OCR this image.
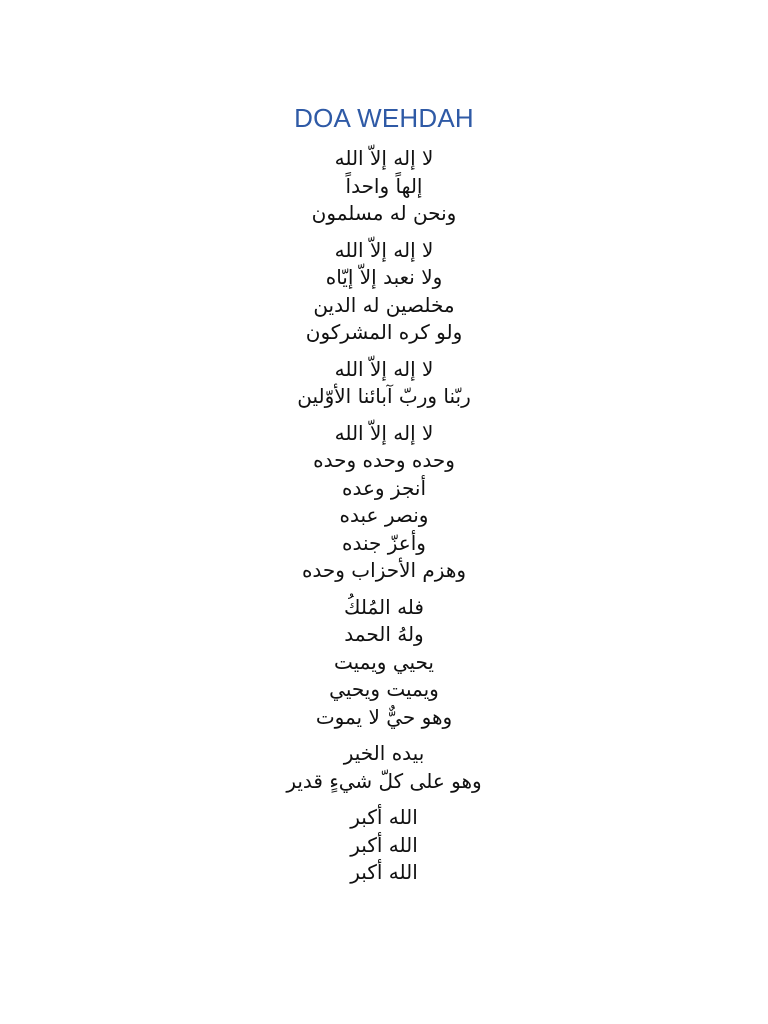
DOA WEHDAH
لا إله إلاّ الله
إلهاً واحداً
ونحن له مسلمون
لا إله إلاّ الله
ولا نعبد إلاّ إيّاه
مخلصين له الدين
ولو كره المشركون
لا إله إلاّ الله
ربّنا وربّ آبائنا الأوّلين
لا إله إلاّ الله
وحده وحده وحده
أنجز وعده
ونصر عبده
وأعزّ جنده
وهزم الأحزاب وحده
فله المُلكُ
ولهُ الحمد
يحيي ويميت
ويميت ويحيي
وهو حيٌّ لا يموت
بيده الخير
وهو على كلّ شيءٍ قدير
الله أكبر
الله أكبر
الله أكبر
